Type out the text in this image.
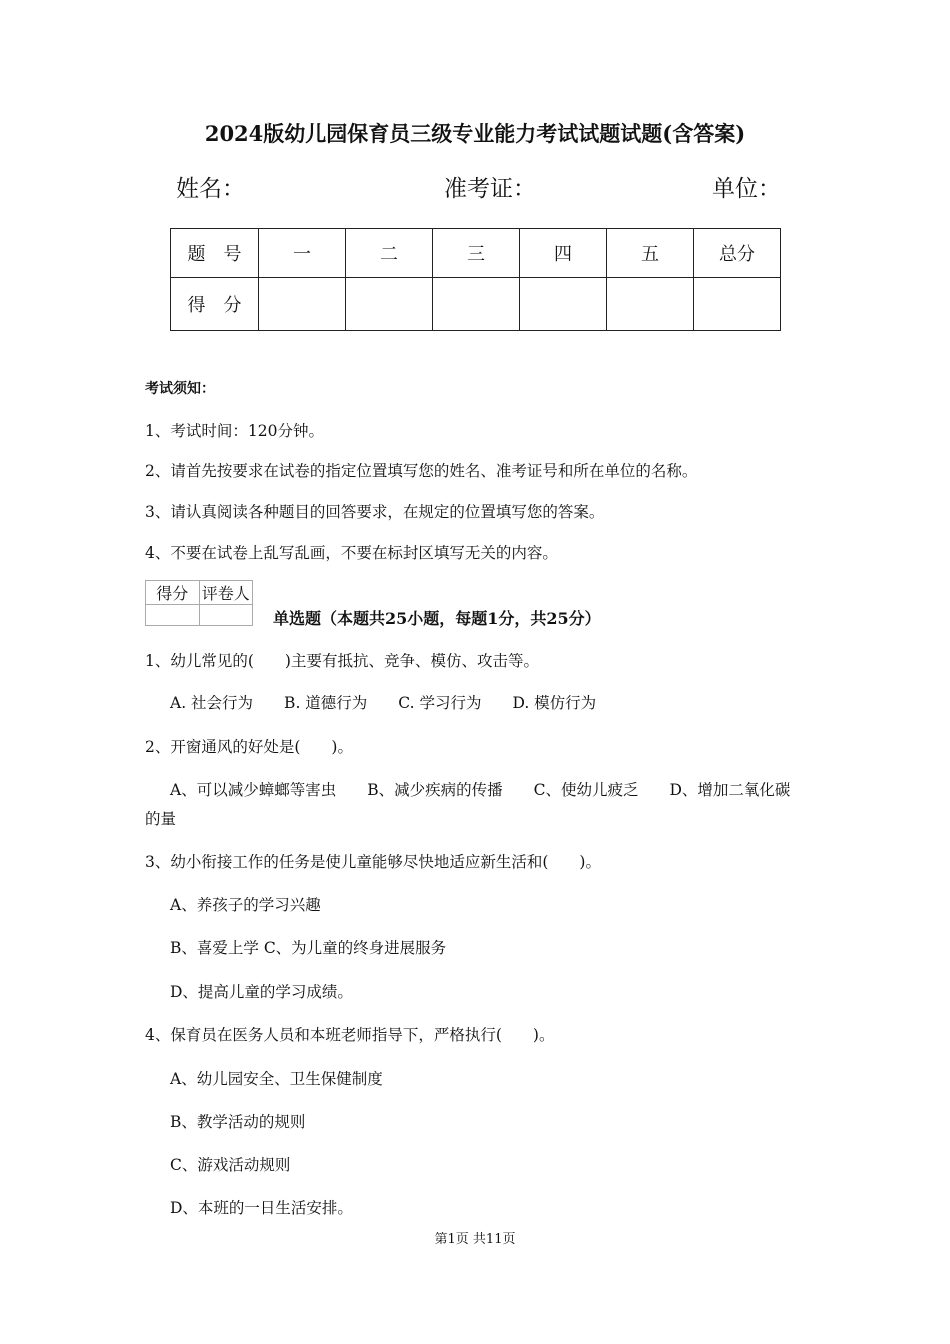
2024版幼儿园保育员三级专业能力考试试题试题(含答案)
姓名：	准考证：	单位：
题　号	一	二	三	四	五	总分
得　分						
考试须知：
1、考试时间：120分钟。
2、请首先按要求在试卷的指定位置填写您的姓名、准考证号和所在单位的名称。
3、请认真阅读各种题目的回答要求，在规定的位置填写您的答案。
4、不要在试卷上乱写乱画，不要在标封区填写无关的内容。
得分	评卷人

单选题（本题共25小题，每题1分，共25分）
1、幼儿常见的(　　)主要有抵抗、竞争、模仿、攻击等。
A. 社会行为　　B. 道德行为　　C. 学习行为　　D. 模仿行为
2、开窗通风的好处是(　　)。
A、可以减少蟑螂等害虫　　B、减少疾病的传播　　C、使幼儿疲乏　　D、增加二氧化碳
的量
3、幼小衔接工作的任务是使儿童能够尽快地适应新生活和(　　)。
A、养孩子的学习兴趣
B、喜爱上学 C、为儿童的终身进展服务
D、提高儿童的学习成绩。
4、保育员在医务人员和本班老师指导下，严格执行(　　)。
A、幼儿园安全、卫生保健制度
B、教学活动的规则
C、游戏活动规则
D、本班的一日生活安排。
第1页 共11页
